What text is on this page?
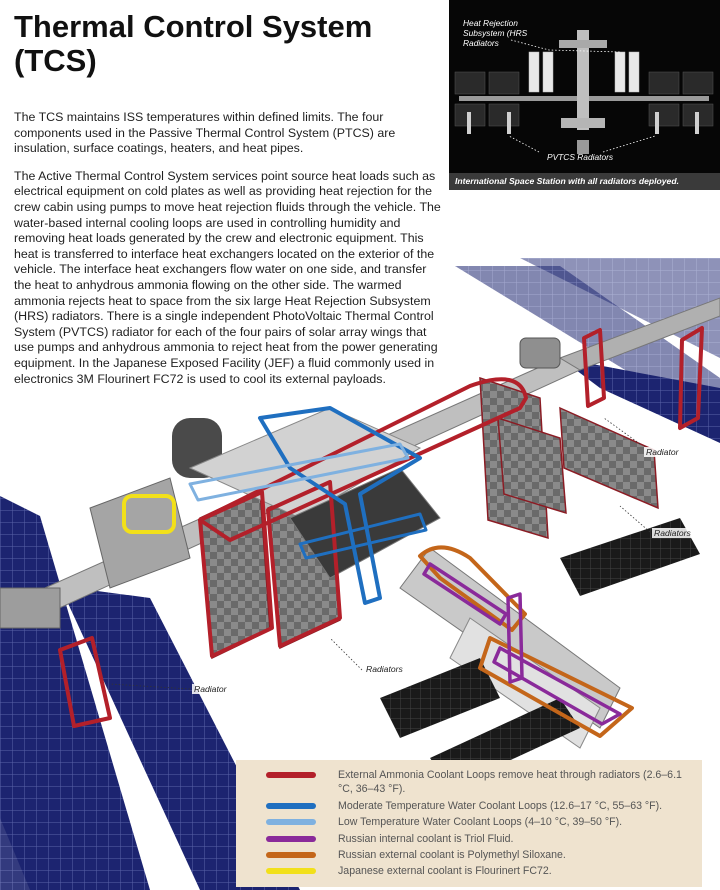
Thermal Control System (TCS)

The TCS maintains ISS temperatures within defined limits. The four components used in the Passive Thermal Control System (PTCS) are insulation, surface coatings, heaters, and heat pipes.

The Active Thermal Control System services point source heat loads such as electrical equipment on cold plates as well as providing heat rejection for the crew cabin using pumps to move heat rejection fluids through the vehicle. The water-based internal cooling loops are used in controlling humidity and removing heat loads generated by the crew and electronic equipment. This heat is transferred to interface heat exchangers located on the exterior of the vehicle. The interface heat exchangers flow water on one side, and transfer the heat to anhydrous ammonia flowing on the other side. The warmed ammonia rejects heat to space from the six large Heat Rejection Subsystem (HRS) radiators. There is a single independent PhotoVoltaic Thermal Control System (PVTCS) radiator for each of the four pairs of solar array wings that use pumps and anhydrous ammonia to reject heat from the power generating equipment. In the Japanese Exposed Facility (JEF) a fluid commonly used in electronics 3M Flourinert FC72 is used to cool its external payloads.

Heat Rejection Subsystem (HRS Radiators
PVTCS Radiators
International Space Station with all radiators deployed.
Radiator
Radiators
Radiators
Radiator
External Ammonia Coolant Loops remove heat through radiators (2.6–6.1 °C, 36–43 °F).
Moderate Temperature Water Coolant Loops (12.6–17 °C, 55–63 °F).
Low Temperature Water Coolant Loops (4–10 °C, 39–50 °F).
Russian internal coolant is Triol Fluid.
Russian external coolant is Polymethyl Siloxane.
Japanese external coolant is Flourinert FC72.
